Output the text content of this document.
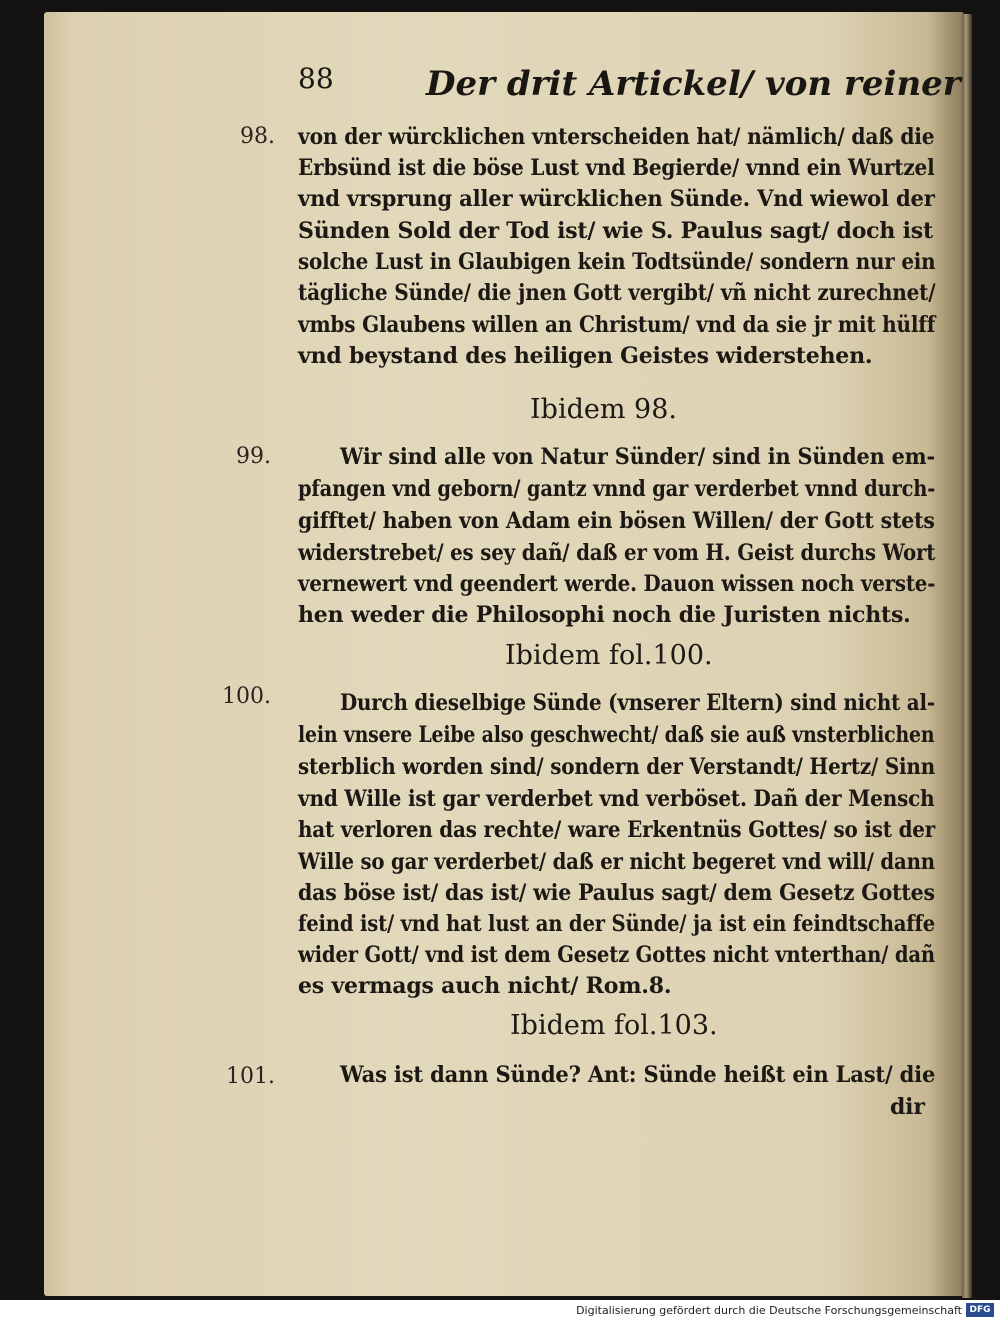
88	Der drit Artickel/ von reiner
98. von der würcklichen vnterscheiden hat/ nämlich/ daß die
Erbsünd ist die böse Lust vnd Begierde/ vnnd ein Wurtzel
vnd vrsprung aller würcklichen Sünde. Vnd wiewol der
Sünden Sold der Tod ist/ wie S. Paulus sagt/ doch ist
solche Lust in Glaubigen kein Todtsünde/ sondern nur ein
tägliche Sünde/ die jnen Gott vergibt/ vñ nicht zurechnet/
vmbs Glaubens willen an Christum/ vnd da sie jr mit hülff
vnd beystand des heiligen Geistes widerstehen.
Ibidem 98.
99.	Wir sind alle von Natur Sünder/ sind in Sünden em-
pfangen vnd geborn/ gantz vnnd gar verderbet vnnd durch-
gifftet/ haben von Adam ein bösen Willen/ der Gott stets
widerstrebet/ es sey dañ/ daß er vom H. Geist durchs Wort
vernewert vnd geendert werde. Dauon wissen noch verste-
hen weder die Philosophi noch die Juristen nichts.
Ibidem fol.100.
100.	Durch dieselbige Sünde (vnserer Eltern) sind nicht al-
lein vnsere Leibe also geschwecht/ daß sie auß vnsterblichen
sterblich worden sind/ sondern der Verstandt/ Hertz/ Sinn
vnd Wille ist gar verderbet vnd verböset. Dañ der Mensch
hat verloren das rechte/ ware Erkentnüs Gottes/ so ist der
Wille so gar verderbet/ daß er nicht begeret vnd will/ dann
das böse ist/ das ist/ wie Paulus sagt/ dem Gesetz Gottes
feind ist/ vnd hat lust an der Sünde/ ja ist ein feindtschaffe
wider Gott/ vnd ist dem Gesetz Gottes nicht vnterthan/ dañ
es vermags auch nicht/ Rom.8.
Ibidem fol.103.
101.	Was ist dann Sünde? Ant: Sünde heißt ein Last/ die
dir
Digitalisierung gefördert durch die Deutsche Forschungsgemeinschaft DFG
